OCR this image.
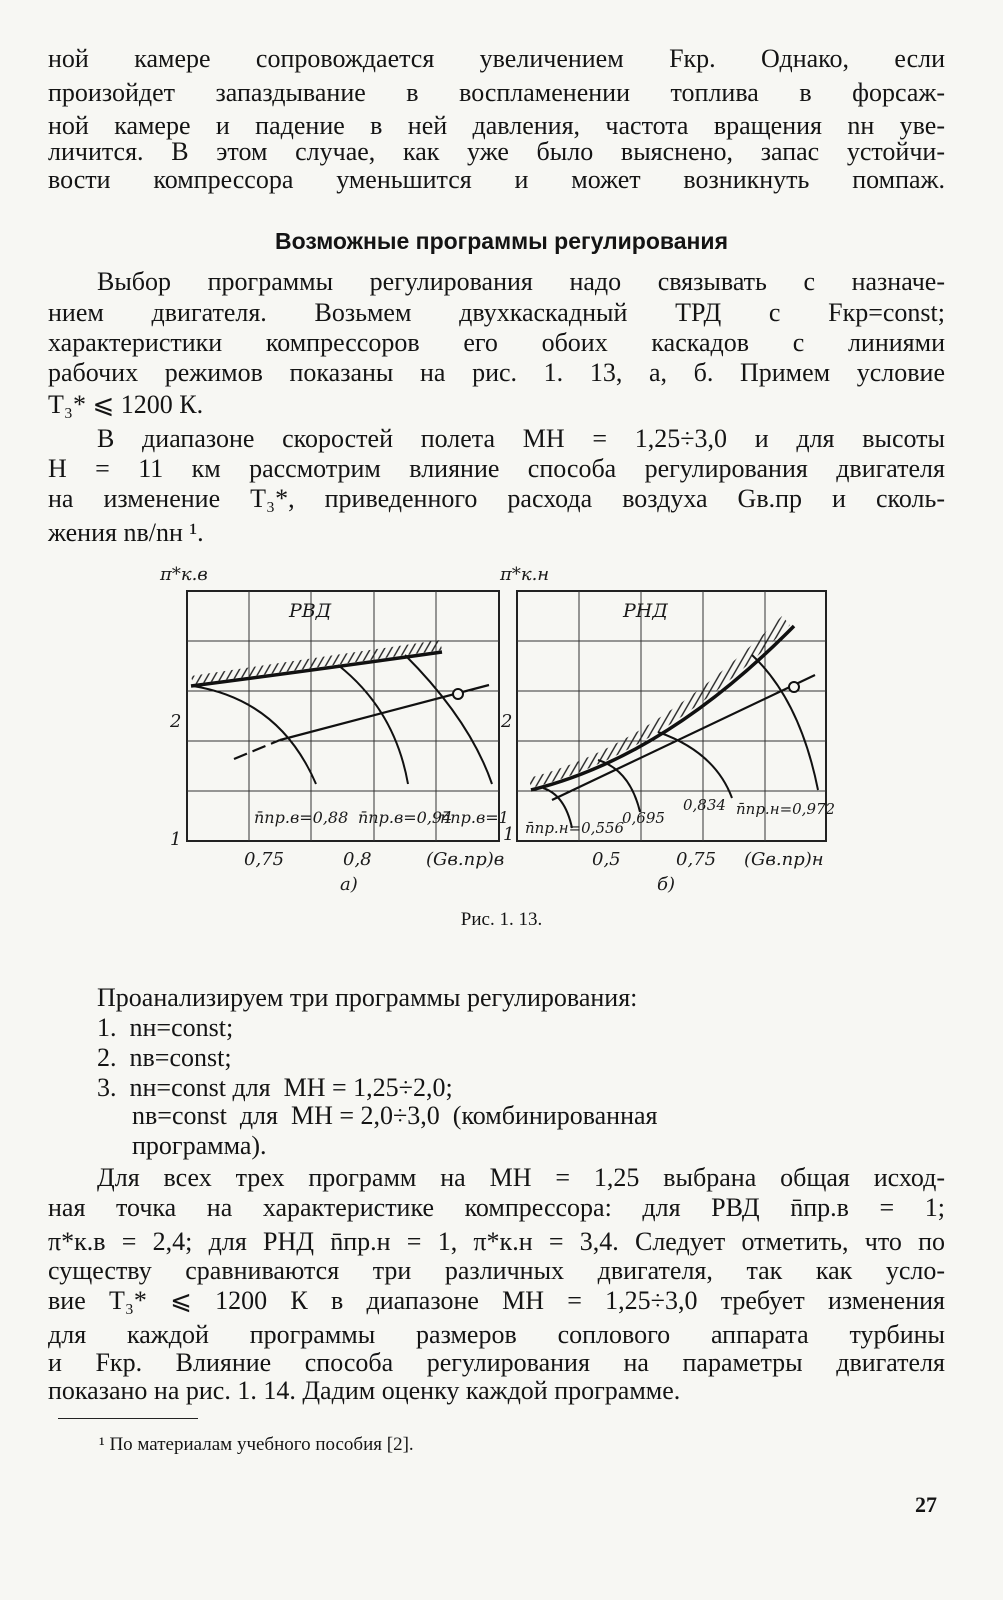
ной камере сопровождается увеличением Fкр. Однако, если
произойдет запаздывание в воспламенении топлива в форсаж-
ной камере и падение в ней давления, частота вращения nн уве-
личится. В этом случае, как уже было выяснено, запас устойчи-
вости компрессора уменьшится и может возникнуть помпаж.
Возможные программы регулирования
Выбор программы регулирования надо связывать с назначе-
нием двигателя. Возьмем двухкаскадный ТРД с Fкр=const;
характеристики компрессоров его обоих каскадов с линиями
рабочих режимов показаны на рис. 1. 13, а, б. Примем условие
T₃* ⩽ 1200 К.
В диапазоне скоростей полета MH = 1,25÷3,0 и для высоты
H = 11 км рассмотрим влияние способа регулирования двигателя
на изменение T₃*, приведенного расхода воздуха Gв.пр и сколь-
жения nв/nн ¹.
π*к.в
РВД
2
1
n̄пр.в=0,88 n̄пр.в=0,94
n̄пр.в=1
0,75	0,8	(Gв.пр)в
а)
π*к.н
РНД
2
1 n̄пр.н=0,556
0,695
0,834 n̄пр.н=0,972
0,5	0,75 (Gв.пр)н
б)
Рис. 1. 13.
Проанализируем три программы регулирования:
1.  nн=const;
2.  nв=const;
3.  nн=const для  MH = 1,25÷2,0;
nв=const  для  MH = 2,0÷3,0  (комбинированная
программа).
Для всех трех программ на MH = 1,25 выбрана общая исход-
ная точка на характеристике компрессора: для РВД n̄пр.в = 1;
π*к.в = 2,4; для РНД n̄пр.н = 1, π*к.н = 3,4. Следует отметить, что по
существу сравниваются три различных двигателя, так как усло-
вие T₃* ⩽ 1200 К в диапазоне MH = 1,25÷3,0 требует изменения
для каждой программы размеров соплового аппарата турбины
и Fкр. Влияние способа регулирования на параметры двигателя
показано на рис. 1. 14. Дадим оценку каждой программе.
¹ По материалам учебного пособия [2].
27
